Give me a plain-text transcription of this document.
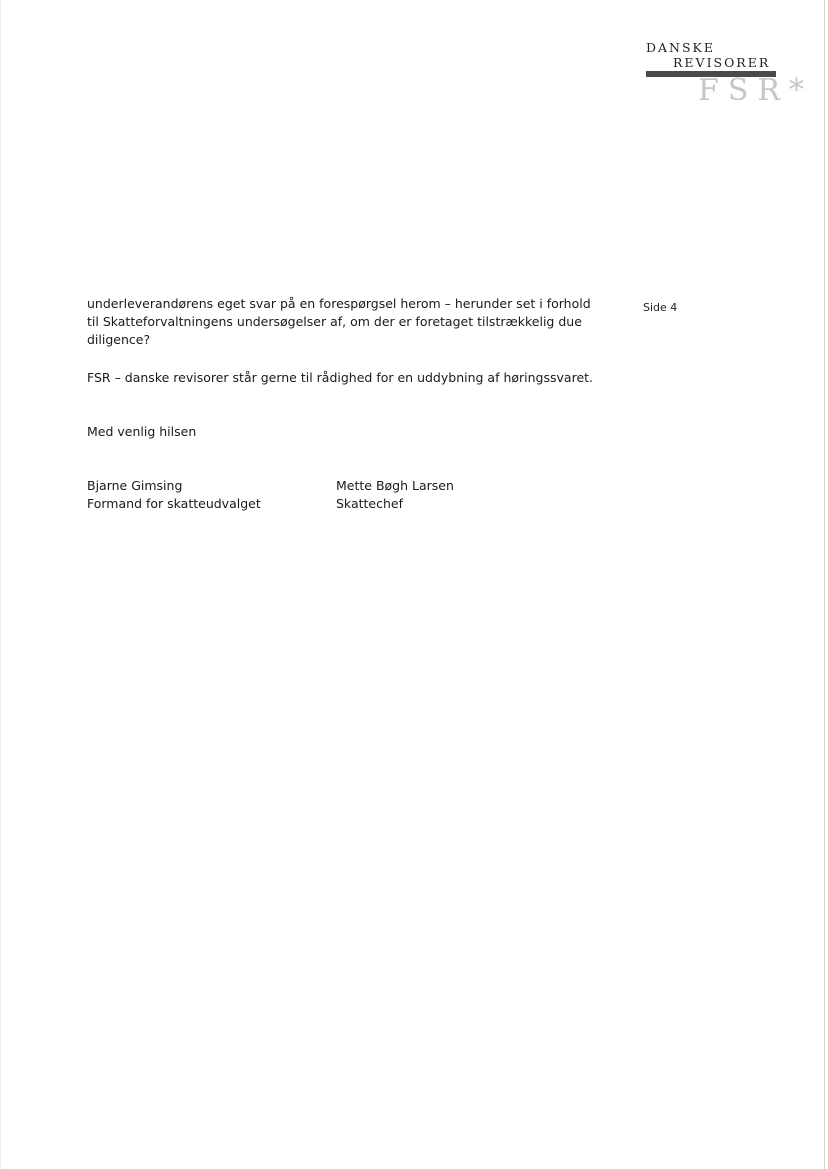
DANSKE
REVISORER
FSR*
Side 4
underleverandørens eget svar på en forespørgsel herom – herunder set i forhold
til Skatteforvaltningens undersøgelser af, om der er foretaget tilstrækkelig due
diligence?
FSR – danske revisorer står gerne til rådighed for en uddybning af høringssvaret.
Med venlig hilsen
Bjarne Gimsing
Formand for skatteudvalget
Mette Bøgh Larsen
Skattechef
